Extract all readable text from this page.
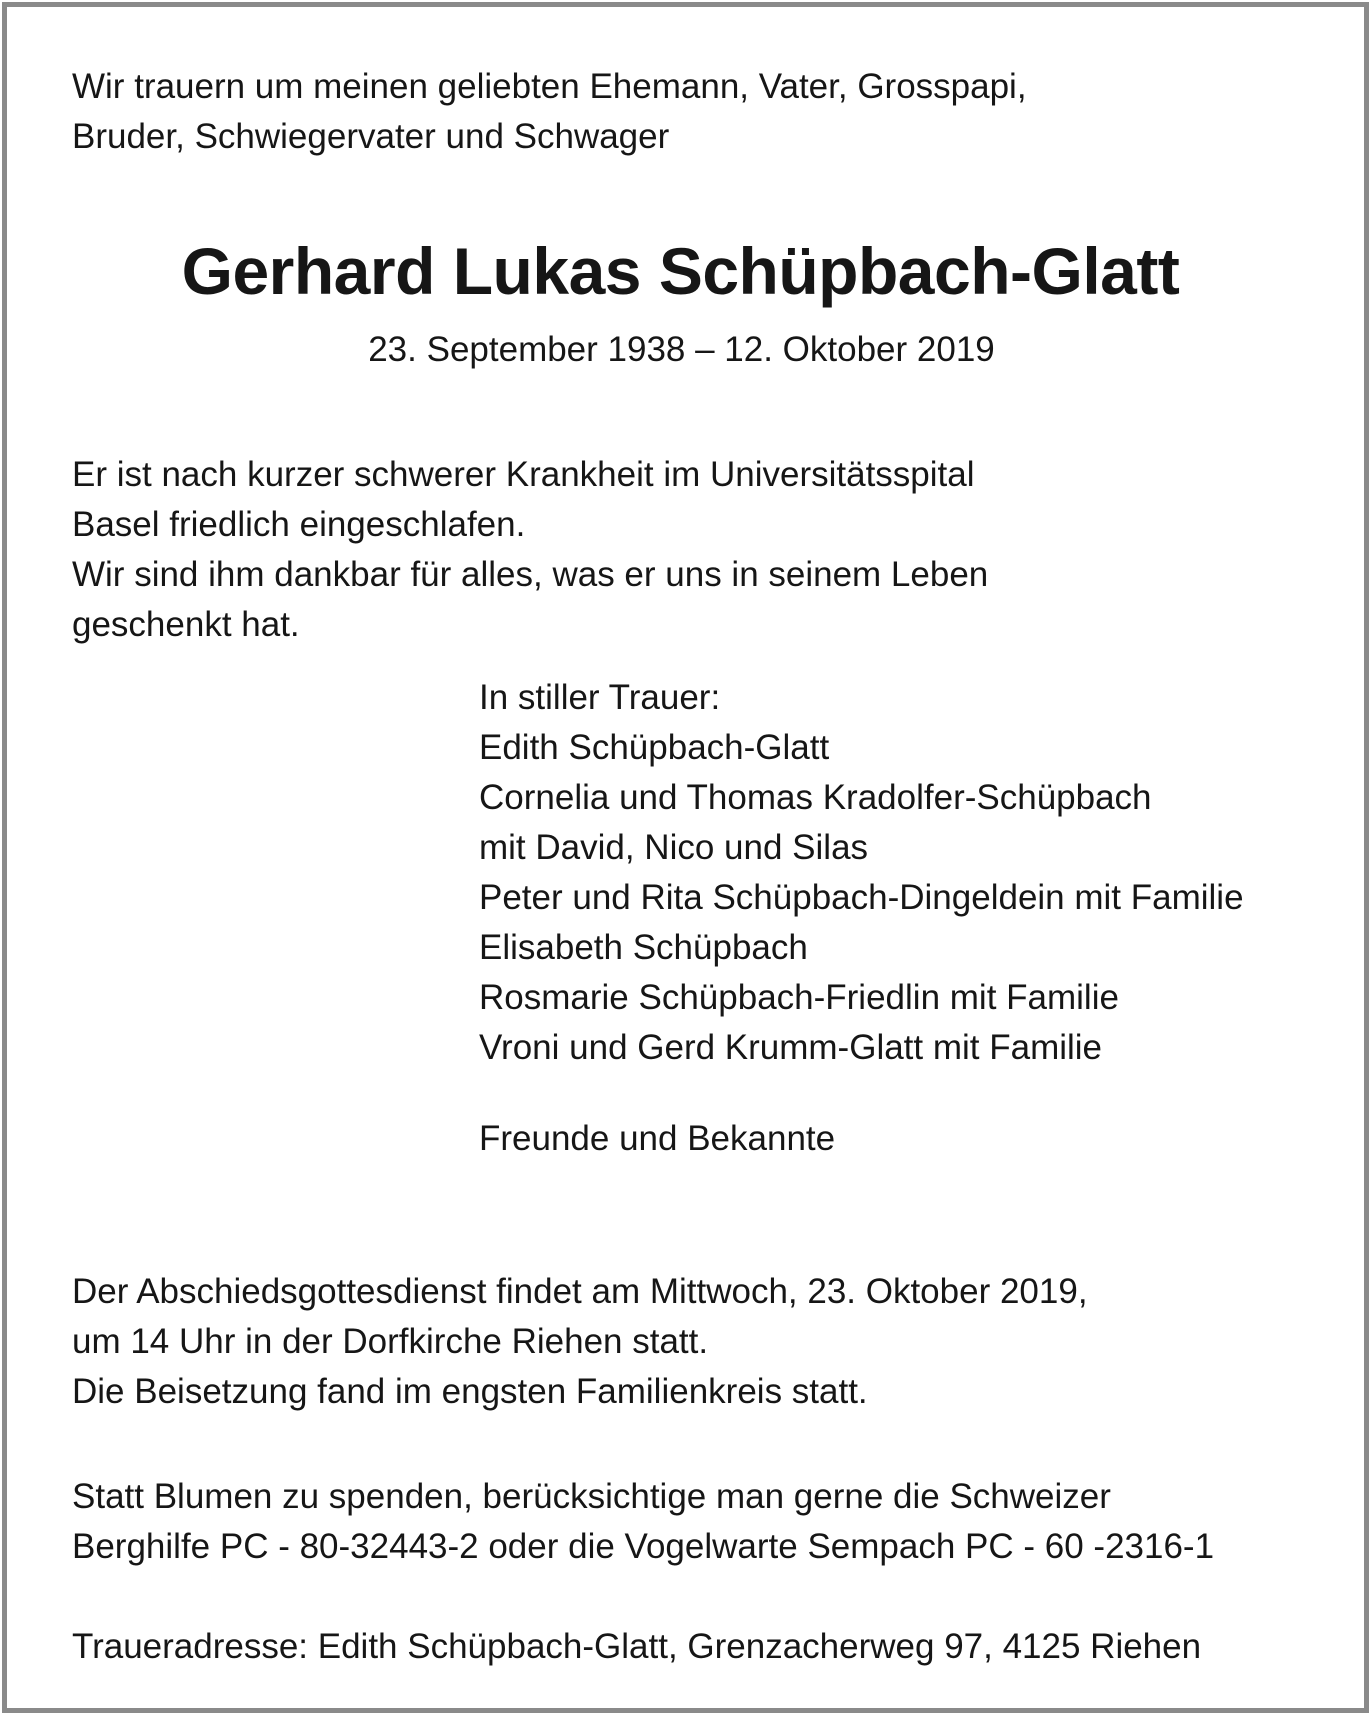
Wir trauern um meinen geliebten Ehemann, Vater, Grosspapi,
Bruder, Schwiegervater und Schwager
Gerhard Lukas Schüpbach-Glatt

23. September 1938 – 12. Oktober 2019

Er ist nach kurzer schwerer Krankheit im Universitätsspital
Basel friedlich eingeschlafen.
Wir sind ihm dankbar für alles, was er uns in seinem Leben
geschenkt hat.
In stiller Trauer:
Edith Schüpbach-Glatt
Cornelia und Thomas Kradolfer-Schüpbach
mit David, Nico und Silas
Peter und Rita Schüpbach-Dingeldein mit Familie
Elisabeth Schüpbach
Rosmarie Schüpbach-Friedlin mit Familie
Vroni und Gerd Krumm-Glatt mit Familie
Freunde und Bekannte
Der Abschiedsgottesdienst findet am Mittwoch, 23. Oktober 2019,
um 14 Uhr in der Dorfkirche Riehen statt.
Die Beisetzung fand im engsten Familienkreis statt.
Statt Blumen zu spenden, berücksichtige man gerne die Schweizer
Berghilfe PC - 80-32443-2 oder die Vogelwarte Sempach PC - 60 -2316-1
Traueradresse: Edith Schüpbach-Glatt, Grenzacherweg 97, 4125 Riehen
